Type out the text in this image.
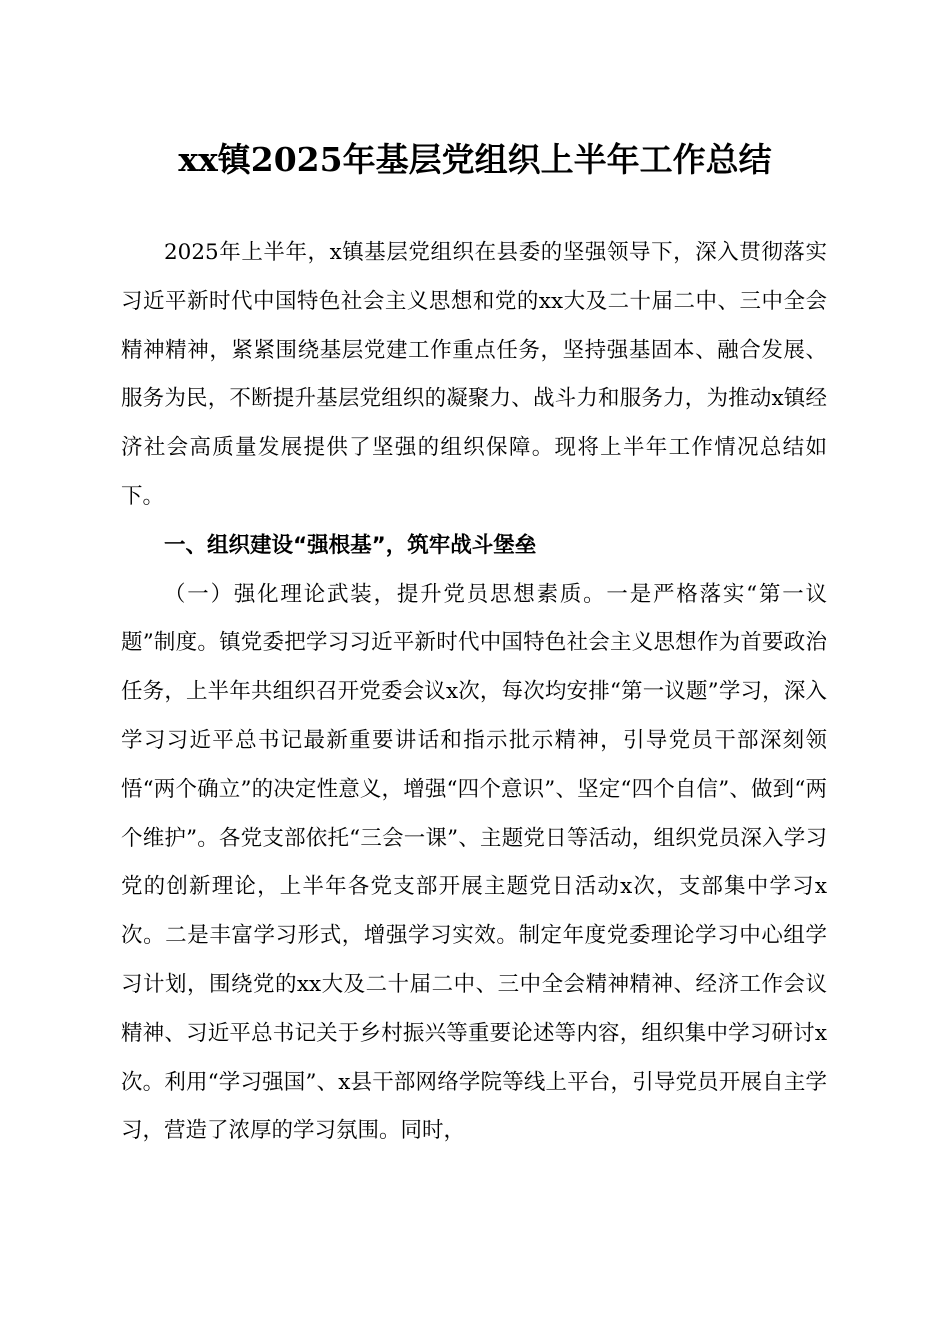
xx镇2025年基层党组织上半年工作总结

2025年上半年，x镇基层党组织在县委的坚强领导下，深入贯彻落实习近平新时代中国特色社会主义思想和党的xx大及二十届二中、三中全会精神精神，紧紧围绕基层党建工作重点任务，坚持强基固本、融合发展、服务为民，不断提升基层党组织的凝聚力、战斗力和服务力，为推动x镇经济社会高质量发展提供了坚强的组织保障。现将上半年工作情况总结如下。

一、组织建设“强根基”，筑牢战斗堡垒

（一）强化理论武装，提升党员思想素质。一是严格落实“第一议题”制度。镇党委把学习习近平新时代中国特色社会主义思想作为首要政治任务，上半年共组织召开党委会议x次，每次均安排“第一议题”学习，深入学习习近平总书记最新重要讲话和指示批示精神，引导党员干部深刻领悟“两个确立”的决定性意义，增强“四个意识”、坚定“四个自信”、做到“两个维护”。各党支部依托“三会一课”、主题党日等活动，组织党员深入学习党的创新理论，上半年各党支部开展主题党日活动x次，支部集中学习x次。二是丰富学习形式，增强学习实效。制定年度党委理论学习中心组学习计划，围绕党的xx大及二十届二中、三中全会精神精神、经济工作会议精神、习近平总书记关于乡村振兴等重要论述等内容，组织集中学习研讨x次。利用“学习强国”、x县干部网络学院等线上平台，引导党员开展自主学习，营造了浓厚的学习氛围。同时，
